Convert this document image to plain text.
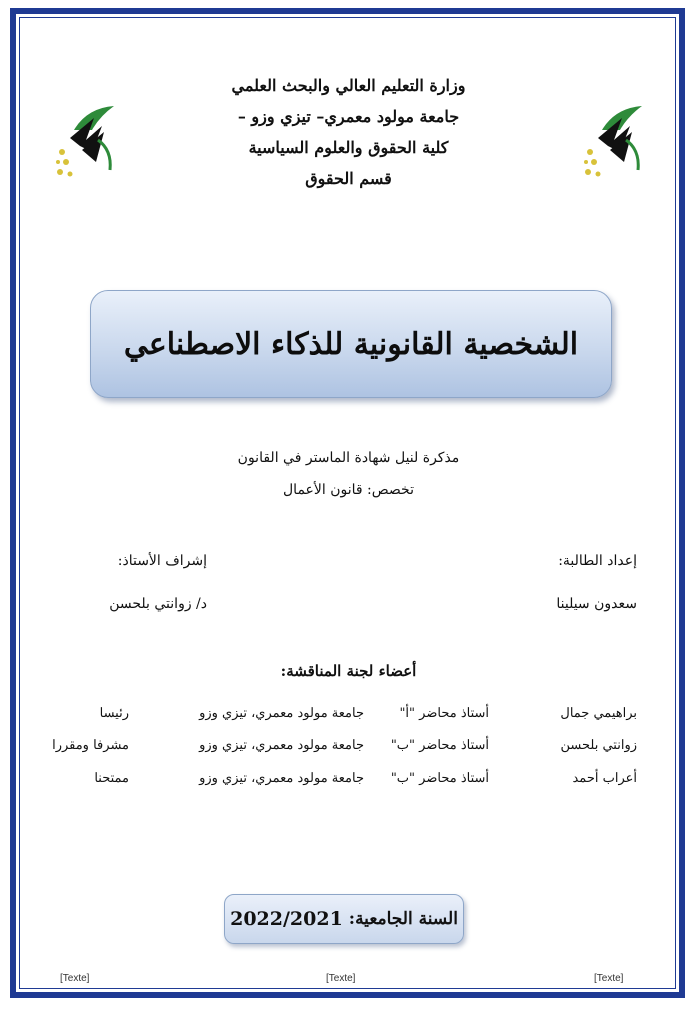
وزارة التعليم العالي والبحث العلمي
جامعة مولود معمري– تيزي وزو –
كلية الحقوق والعلوم السياسية
قسم الحقوق
الشخصية القانونية للذكاء الاصطناعي
مذكرة لنيل شهادة الماستر في القانون
تخصص: قانون الأعمال
إعداد الطالبة:
سعدون سيلينا
إشراف الأستاذ:
د/ زوانتي بلحسن
أعضاء لجنة المناقشة:
براهيمي جمال
أستاذ محاضر "أ"
جامعة مولود معمري، تيزي وزو
رئيسا
زوانتي بلحسن
أستاذ محاضر "ب"
جامعة مولود معمري، تيزي وزو
مشرفا ومقررا
أعراب أحمد
أستاذ محاضر "ب"
جامعة مولود معمري، تيزي وزو
ممتحنا
السنة الجامعية:
2022/2021
[Texte]	[Texte]	[Texte]
